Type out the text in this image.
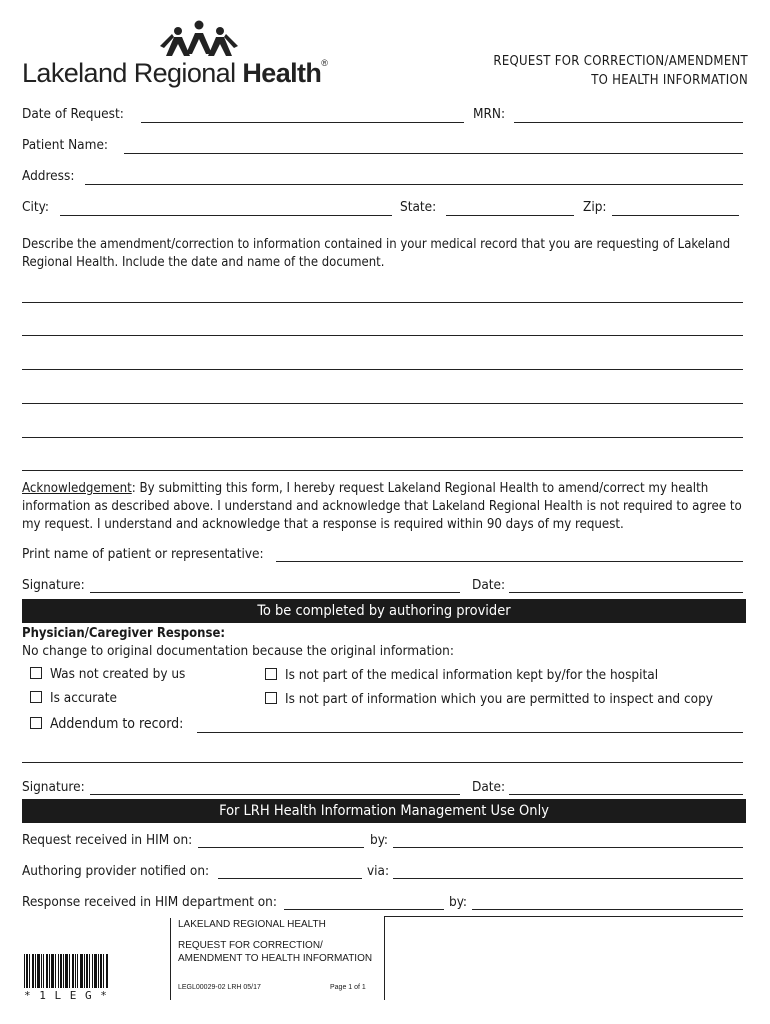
Lakeland Regional Health®	REQUEST FOR CORRECTION/AMENDMENT
TO HEALTH INFORMATION
Date of Request:	MRN:
Patient Name:
Address:
City:	State:	Zip:
Describe the amendment/correction to information contained in your medical record that you are requesting of Lakeland Regional Health. Include the date and name of the document.
Acknowledgement: By submitting this form, I hereby request Lakeland Regional Health to amend/correct my health information as described above. I understand and acknowledge that Lakeland Regional Health is not required to agree to my request. I understand and acknowledge that a response is required within 90 days of my request.
Print name of patient or representative:
Signature:	Date:
To be completed by authoring provider
Physician/Caregiver Response:
No change to original documentation because the original information:
Was not created by us	Is not part of the medical information kept by/for the hospital
Is accurate	Is not part of information which you are permitted to inspect and copy
Addendum to record:
Signature:	Date:
For LRH Health Information Management Use Only
Request received in HIM on:	by:
Authoring provider notified on:	via:
Response received in HIM department on:	by:
LAKELAND REGIONAL HEALTH
REQUEST FOR CORRECTION/
AMENDMENT TO HEALTH INFORMATION
LEGL00029-02 LRH 05/17	Page 1 of 1
* 1 L E G *
